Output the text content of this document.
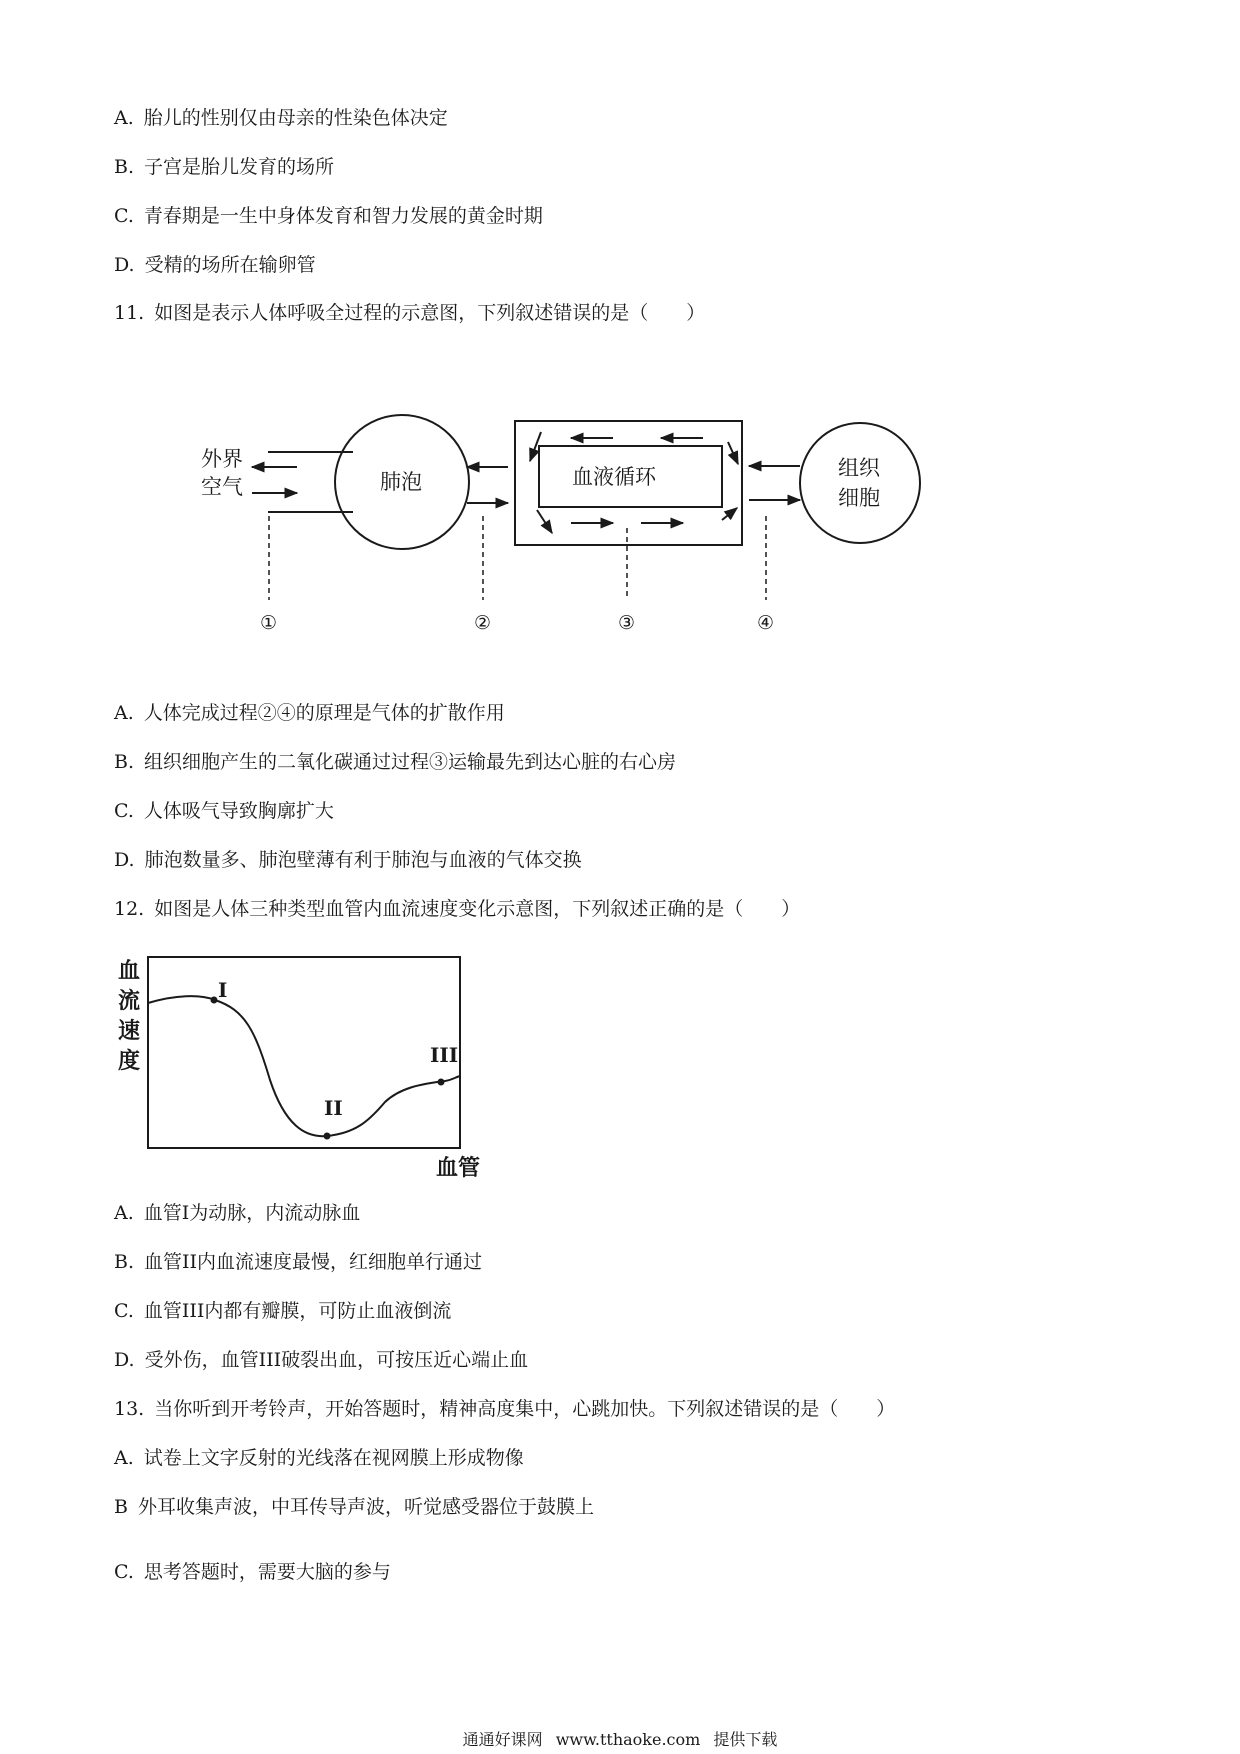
A. 胎儿的性别仅由母亲的性染色体决定
B. 子宫是胎儿发育的场所
C. 青春期是一生中身体发育和智力发展的黄金时期
D. 受精的场所在输卵管
11. 如图是表示人体呼吸全过程的示意图，下列叙述错误的是（　　）
外界
空气	肺泡	血液循环	组织
细胞
①	②	③	④
A. 人体完成过程②④的原理是气体的扩散作用
B. 组织细胞产生的二氧化碳通过过程③运输最先到达心脏的右心房
C. 人体吸气导致胸廓扩大
D. 肺泡数量多、肺泡壁薄有利于肺泡与血液的气体交换
12. 如图是人体三种类型血管内血流速度变化示意图，下列叙述正确的是（　　）
血
流
速
度
I
II
III
血管
A. 血管I为动脉，内流动脉血
B. 血管II内血流速度最慢，红细胞单行通过
C. 血管III内都有瓣膜，可防止血液倒流
D. 受外伤，血管III破裂出血，可按压近心端止血
13. 当你听到开考铃声，开始答题时，精神高度集中，心跳加快。下列叙述错误的是（　　）
A. 试卷上文字反射的光线落在视网膜上形成物像
B 外耳收集声波，中耳传导声波，听觉感受器位于鼓膜上
C. 思考答题时，需要大脑的参与
通通好课网 www.tthaoke.com 提供下载
